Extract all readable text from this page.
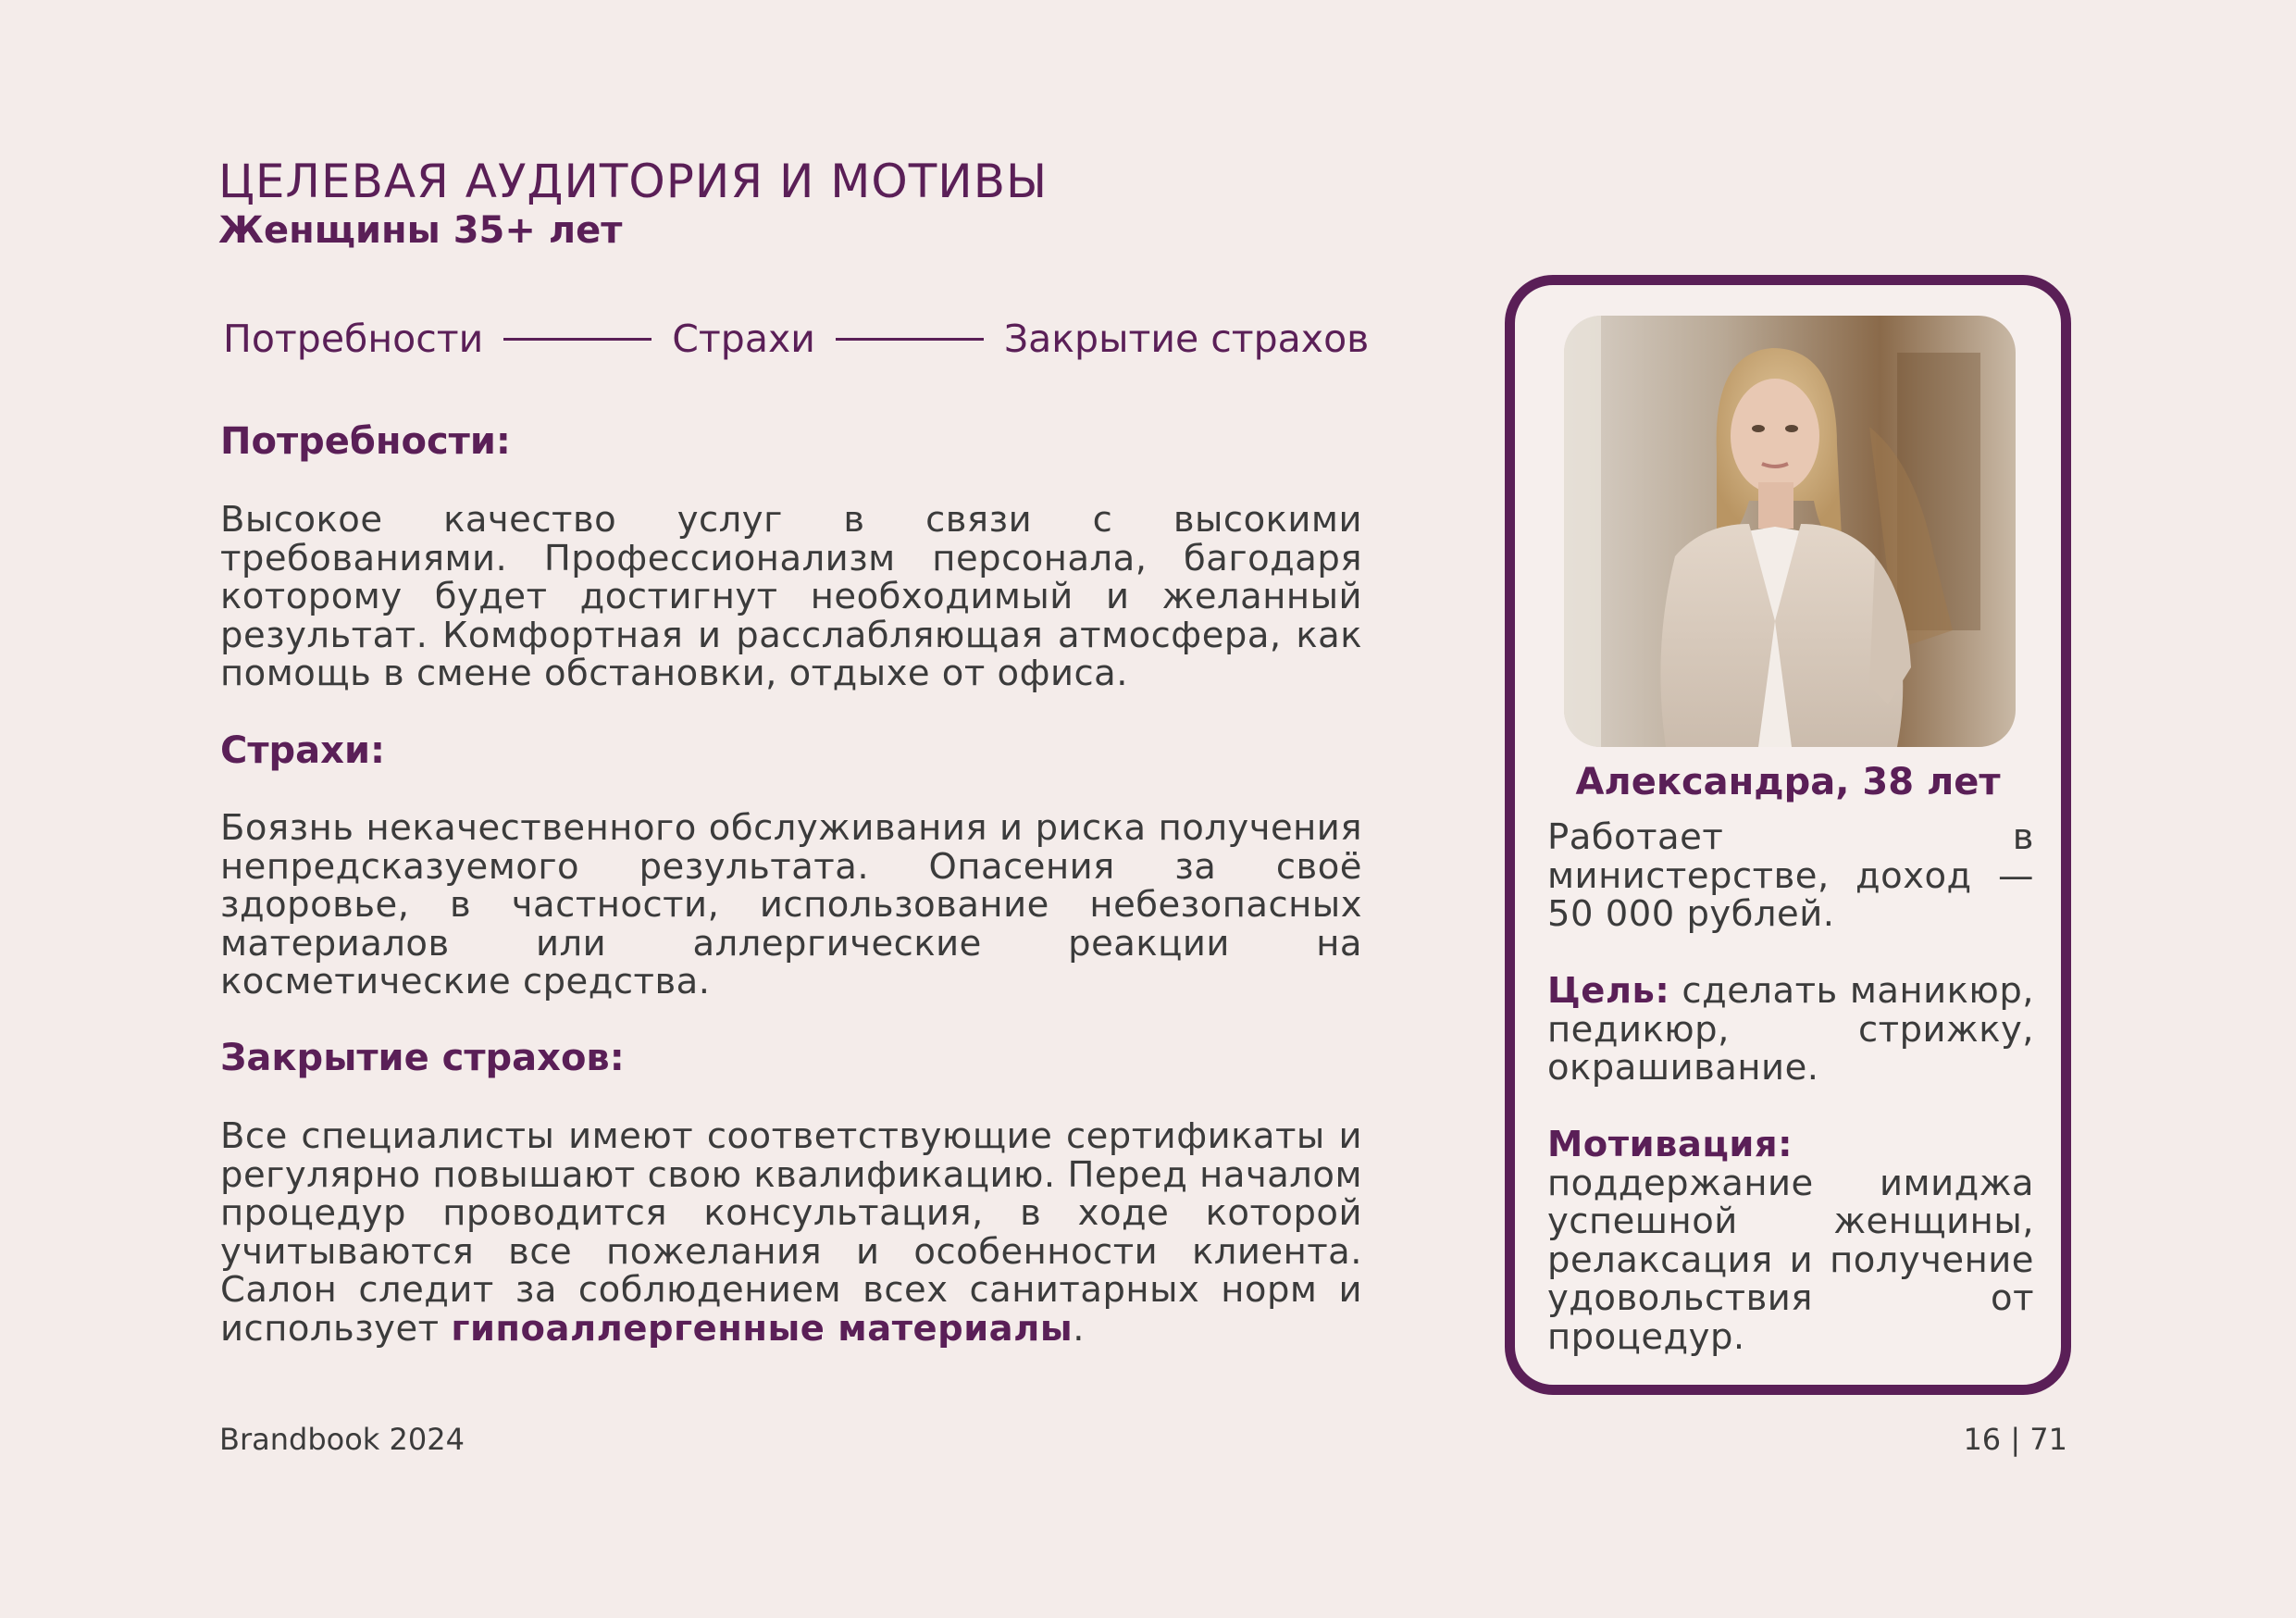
ЦЕЛЕВАЯ АУДИТОРИЯ И МОТИВЫ
Женщины 35+ лет
Потребности	Страхи	Закрытие страхов
Потребности:
Высокое качество услуг в связи с высокими требованиями. Профессионализм персонала, багодаря которому будет достигнут необходимый и желанный результат. Комфортная и расслабляющая атмосфера, как помощь в смене обстановки, отдыхе от офиса.
Страхи:
Боязнь некачественного обслуживания и риска получения непредсказуемого результата. Опасения за своё здоровье, в частности, использование небезопасных материалов или аллергические реакции на косметические средства.
Закрытие страхов:
Все специалисты имеют соответствующие сертификаты и регулярно повышают свою квалификацию. Перед началом процедур проводится консультация, в ходе которой учитываются все пожелания и особенности клиента. Салон следит за соблюдением всех санитарных норм и использует гипоаллергенные материалы.
Александра, 38 лет
Работает в министерстве, доход — 50 000 рублей.
Цель: сделать маникюр, педикюр, стрижку, окрашивание.
Мотивация: поддержание имиджа успешной женщины, релаксация и получение удовольствия от процедур.
Brandbook 2024	16 | 71
